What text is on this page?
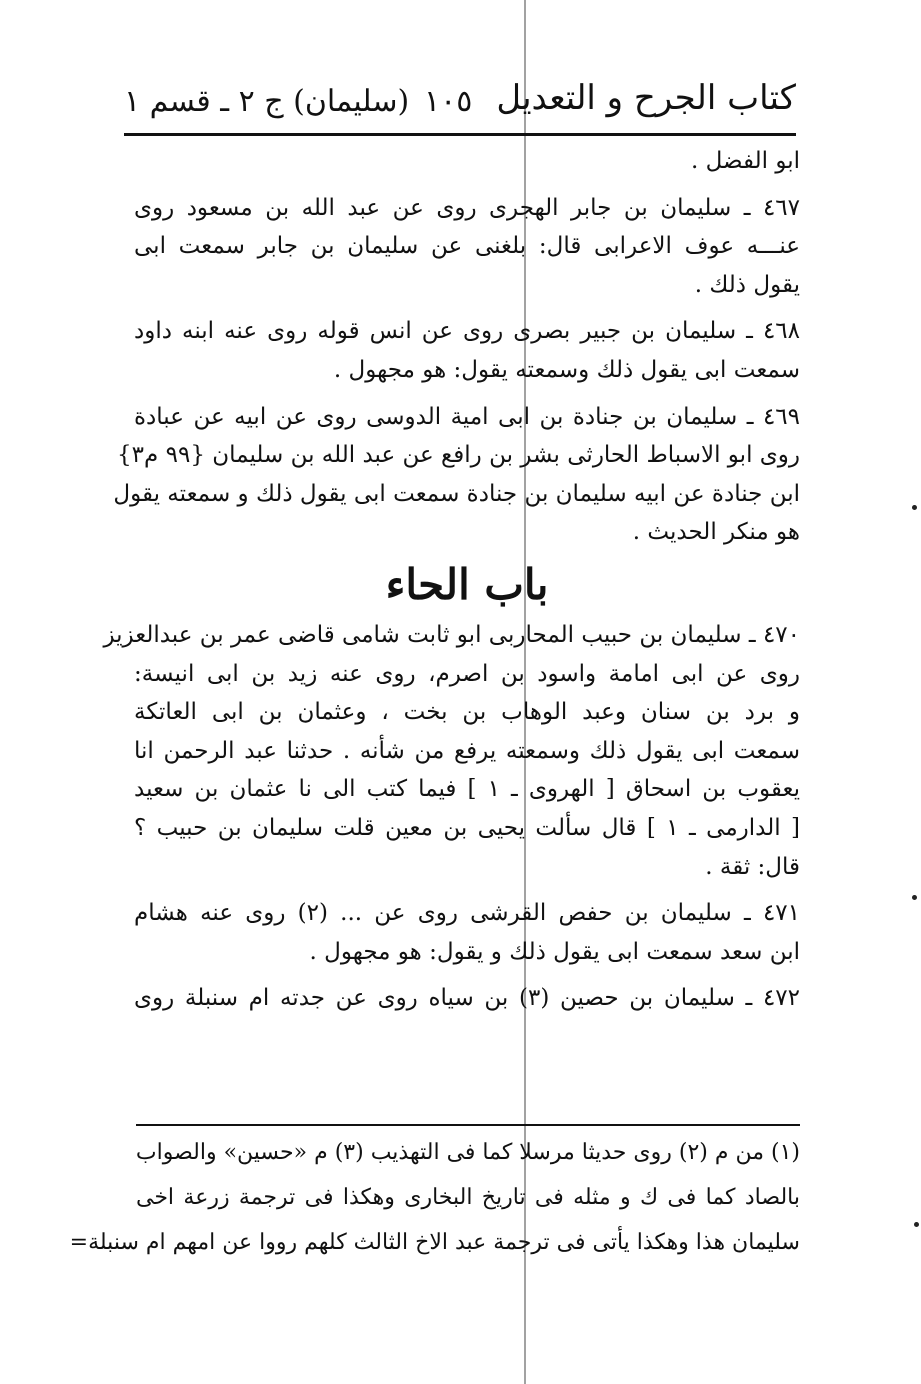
كتاب الجرح و التعديل
١٠٥
(سليمان) ج ٢ ـ قسم ١
ابو الفضل .
٤٦٧ ـ سليمان بن جابر الهجرى روى عن عبد الله بن مسعود روى
عنـــه عوف الاعرابى قال: بلغنى عن سليمان بن جابر سمعت ابى
يقول ذلك .
٤٦٨ ـ سليمان بن جبير بصرى روى عن انس قوله روى عنه ابنه داود
سمعت ابى يقول ذلك وسمعته يقول: هو مجهول .
٤٦٩ ـ سليمان بن جنادة بن ابى امية الدوسى روى عن ابيه عن عبادة
روى ابو الاسباط الحارثى بشر بن رافع عن عبد الله بن سليمان {٩٩ م٣}
ابن جنادة عن ابيه سليمان بن جنادة سمعت ابى يقول ذلك و سمعته يقول
هو منكر الحديث .
باب الحاء
٤٧٠ ـ سليمان بن حبيب المحاربى ابو ثابت شامى قاضى عمر بن عبدالعزيز
روى عن ابى امامة واسود بن اصرم، روى عنه زيد بن ابى انيسة:
و برد بن سنان وعبد الوهاب بن بخت ، وعثمان بن ابى العاتكة
سمعت ابى يقول ذلك وسمعته يرفع من شأنه . حدثنا عبد الرحمن انا
يعقوب بن اسحاق [ الهروى ـ ١ ] فيما كتب الى نا عثمان بن سعيد
[ الدارمى ـ ١ ] قال سألت يحيى بن معين قلت سليمان بن حبيب ؟
قال: ثقة .
٤٧١ ـ سليمان بن حفص القرشى روى عن ... (٢) روى عنه هشام
ابن سعد سمعت ابى يقول ذلك و يقول: هو مجهول .
٤٧٢ ـ سليمان بن حصين (٣) بن سياه روى عن جدته ام سنبلة روى
(١) من م (٢) روى حديثا مرسلا كما فى التهذيب (٣) م «حسين» والصواب
بالصاد كما فى ك و مثله فى تاريخ البخارى وهكذا فى ترجمة زرعة اخى
سليمان هذا وهكذا يأتى فى ترجمة عبد الاخ الثالث كلهم رووا عن امهم ام سنبلة=
